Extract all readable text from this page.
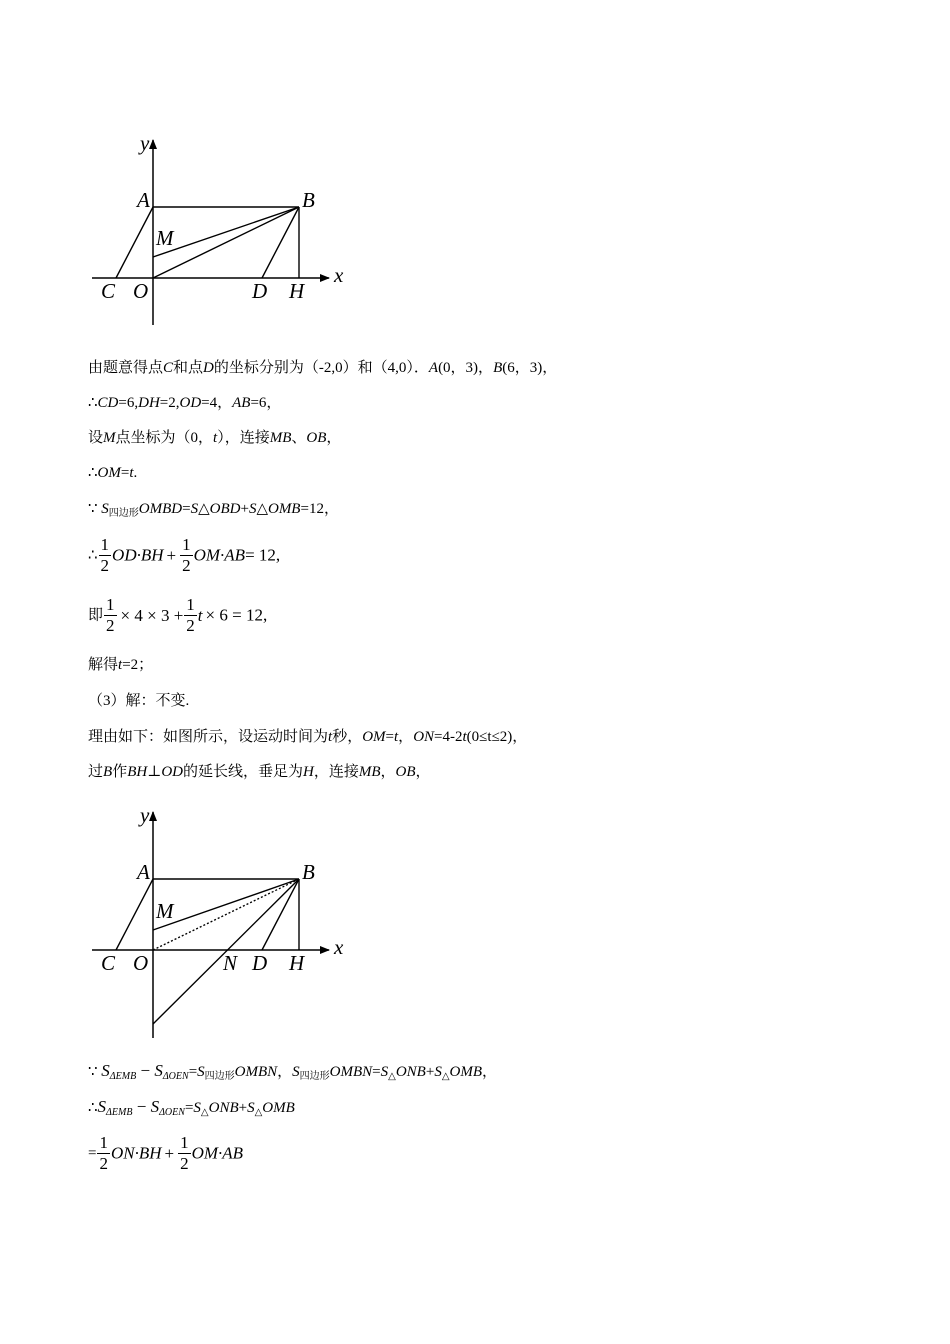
y
A	B
M
C O	D H
x
由题意得点C和点D的坐标分别为（-2,0）和（4,0）．A(0，3)，B(6，3)，
∴CD=6,DH=2,OD=4，AB=6，
设M点坐标为（0，t），连接MB、OB，
∴OM=t.
∵ $S_{四边形}OMBD=S\triangle OBD+S\triangle OMB=12$，
∴ $\frac{1}{2} OD\cdot BH + \frac{1}{2} OM\cdot AB= 12$,
即 $\frac{1}{2} \times 4 \times 3 + \frac{1}{2}$ t × 6 = 12,
解得t=2；
（3）解：不变.
理由如下：如图所示，设运动时间为t秒，OM=t，ON=4-2t(0≤t≤2)，
过B作BH⊥OD的延长线，垂足为H，连接MB，OB，
y
A	B
M
C O	N D H
x
∵ $S_{\Delta EMB}$ − $S_{\Delta OEN}=S_{四边形}OMBN$，$S_{四边形}OMBN=S_\triangle ONB+S_\triangle OMB$，
$\therefore S_{\Delta EMB} - S_{\Delta OEN}=S_\triangle ONB+S_\triangle OMB$
= $\frac{1}{2} ON\cdot BH + \frac{1}{2} OM\cdot AB$
